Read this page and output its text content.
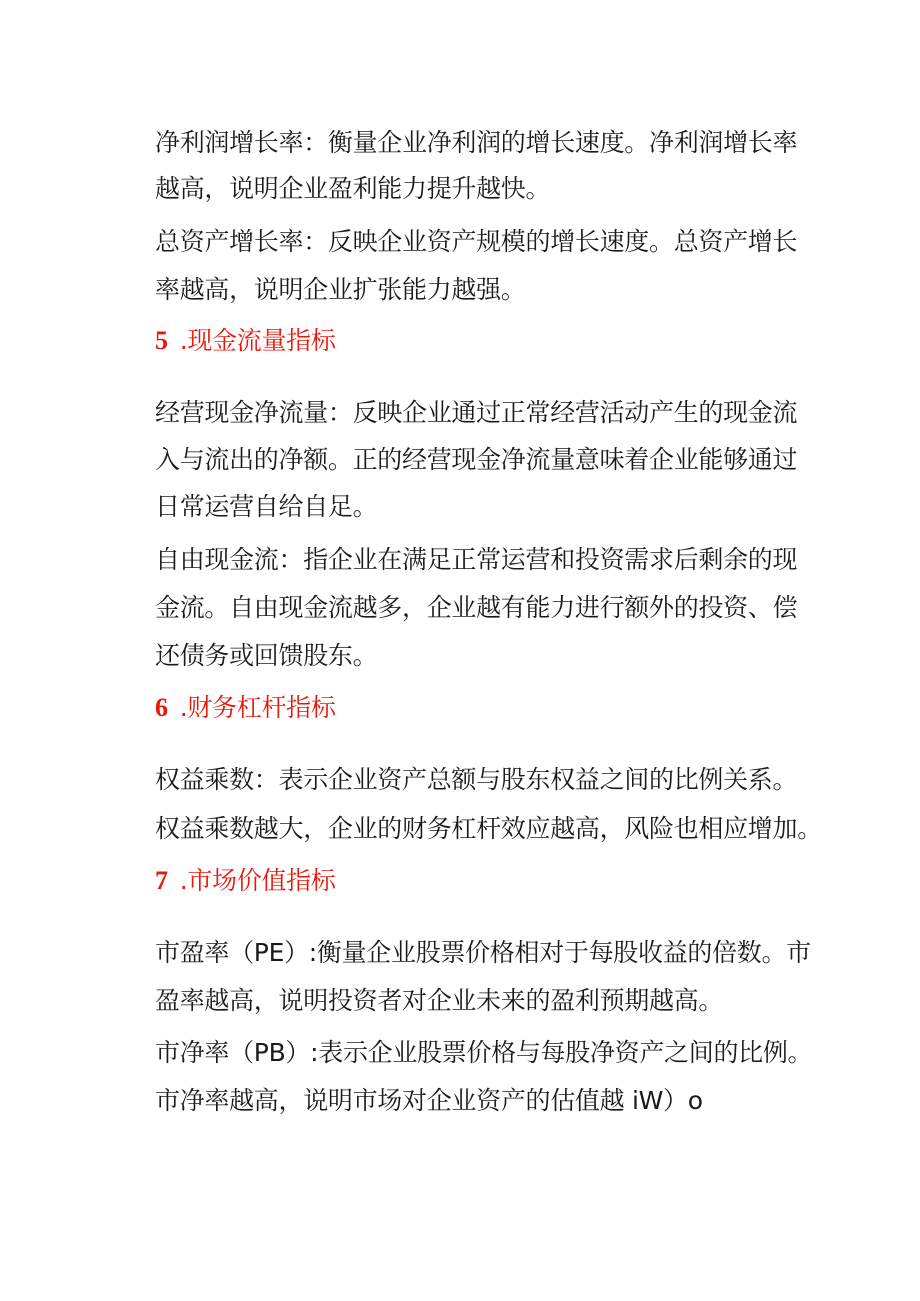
净利润增长率：衡量企业净利润的增长速度。净利润增长率
越高，说明企业盈利能力提升越快。
总资产增长率：反映企业资产规模的增长速度。总资产增长
率越高，说明企业扩张能力越强。
5 .现金流量指标
经营现金净流量：反映企业通过正常经营活动产生的现金流
入与流出的净额。正的经营现金净流量意味着企业能够通过
日常运营自给自足。
自由现金流：指企业在满足正常运营和投资需求后剩余的现
金流。自由现金流越多，企业越有能力进行额外的投资、偿
还债务或回馈股东。
6 .财务杠杆指标
权益乘数：表示企业资产总额与股东权益之间的比例关系。
权益乘数越大，企业的财务杠杆效应越高，风险也相应增加。
7 .市场价值指标
市盈率（PE）:衡量企业股票价格相对于每股收益的倍数。市
盈率越高，说明投资者对企业未来的盈利预期越高。
市净率（PB）:表示企业股票价格与每股净资产之间的比例。
市净率越高，说明市场对企业资产的估值越 iW）o
